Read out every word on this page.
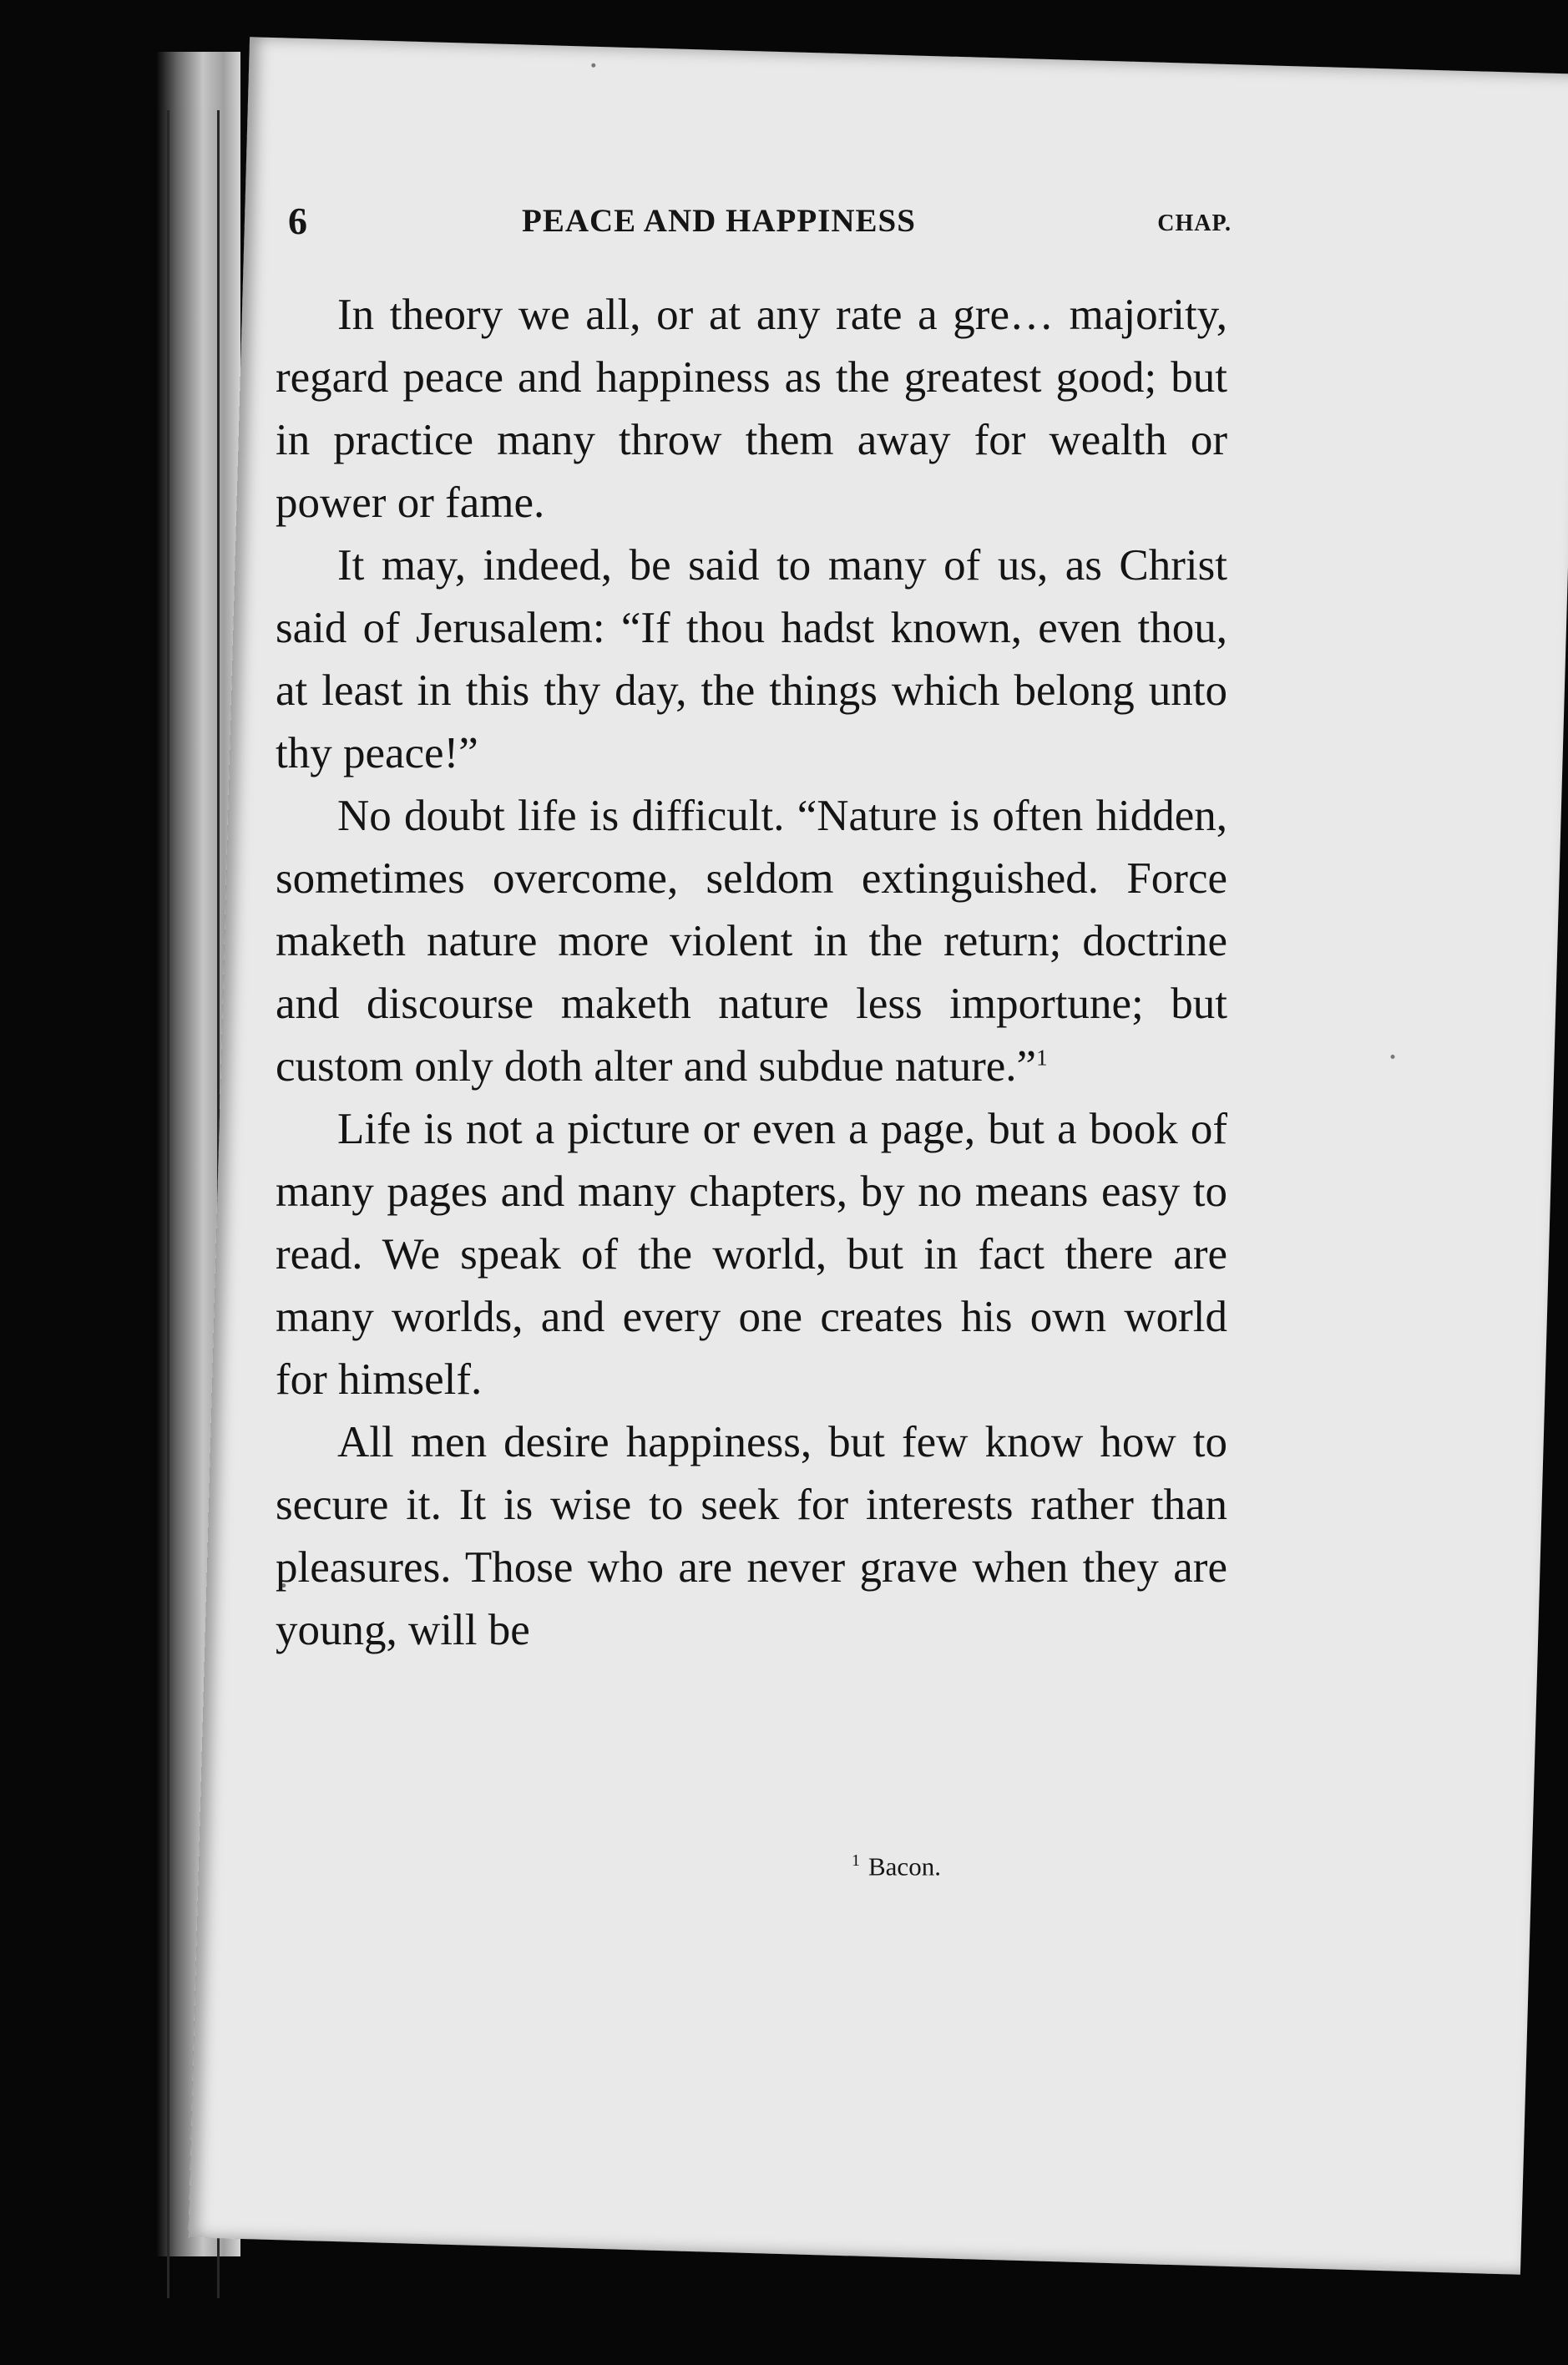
6	PEACE AND HAPPINESS	CHAP.

In theory we all, or at any rate a gre… majority, regard peace and happiness as the greatest good; but in practice many throw them away for wealth or power or fame.

It may, indeed, be said to many of us, as Christ said of Jerusalem: “If thou hadst known, even thou, at least in this thy day, the things which belong unto thy peace!”

No doubt life is difficult. “Nature is often hidden, sometimes overcome, seldom extinguished. Force maketh nature more violent in the return; doctrine and discourse maketh nature less importune; but custom only doth alter and subdue nature.”$^1$

Life is not a picture or even a page, but a book of many pages and many chapters, by no means easy to read. We speak of the world, but in fact there are many worlds, and every one creates his own world for himself.

All men desire happiness, but few know how to secure it. It is wise to seek for interests rather than pleasures. Those who are never grave when they are young, will be

$^1$ Bacon.
